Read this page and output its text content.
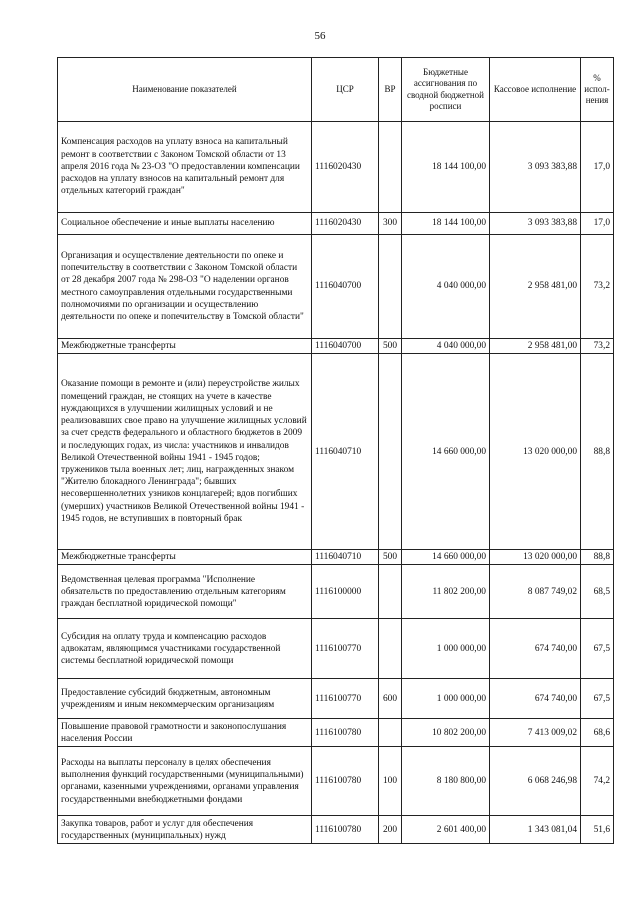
56
Наименование показателей	ЦСР	ВР	Бюджетные ассигнования по сводной бюджетной росписи	Кассовое исполнение	% испол-нения
Компенсация расходов на уплату взноса на капитальный ремонт в соответствии с Законом Томской области от 13 апреля 2016 года № 23-ОЗ "О предоставлении компенсации расходов на уплату взносов на капитальный ремонт для отдельных категорий граждан"	1116020430		18 144 100,00	3 093 383,88	17,0
Социальное обеспечение и иные выплаты населению	1116020430	300	18 144 100,00	3 093 383,88	17,0
Организация и осуществление деятельности по опеке и попечительству в соответствии с Законом Томской области от 28 декабря 2007 года № 298-ОЗ "О наделении органов местного самоуправления отдельными государственными полномочиями по организации и осуществлению деятельности по опеке и попечительству в Томской области"	1116040700		4 040 000,00	2 958 481,00	73,2
Межбюджетные трансферты	1116040700	500	4 040 000,00	2 958 481,00	73,2
Оказание помощи в ремонте и (или) переустройстве жилых помещений граждан, не стоящих на учете в качестве нуждающихся в улучшении жилищных условий и не реализовавших свое право на улучшение жилищных условий за счет средств федерального и областного бюджетов в 2009 и последующих годах, из числа: участников и инвалидов Великой Отечественной войны 1941 - 1945 годов; тружеников тыла военных лет; лиц, награжденных знаком "Жителю блокадного Ленинграда"; бывших несовершеннолетних узников концлагерей; вдов погибших (умерших) участников Великой Отечественной войны 1941 - 1945 годов, не вступивших в повторный брак	1116040710		14 660 000,00	13 020 000,00	88,8
Межбюджетные трансферты	1116040710	500	14 660 000,00	13 020 000,00	88,8
Ведомственная целевая программа "Исполнение обязательств по предоставлению отдельным категориям граждан бесплатной юридической помощи"	1116100000		11 802 200,00	8 087 749,02	68,5
Субсидия на оплату труда и компенсацию расходов адвокатам, являющимся участниками государственной системы бесплатной юридической помощи	1116100770		1 000 000,00	674 740,00	67,5
Предоставление субсидий бюджетным, автономным учреждениям и иным некоммерческим организациям	1116100770	600	1 000 000,00	674 740,00	67,5
Повышение правовой грамотности и законопослушания населения России	1116100780		10 802 200,00	7 413 009,02	68,6
Расходы на выплаты персоналу в целях обеспечения выполнения функций государственными (муниципальными) органами, казенными учреждениями, органами управления государственными внебюджетными фондами	1116100780	100	8 180 800,00	6 068 246,98	74,2
Закупка товаров, работ и услуг для обеспечения государственных (муниципальных) нужд	1116100780	200	2 601 400,00	1 343 081,04	51,6
